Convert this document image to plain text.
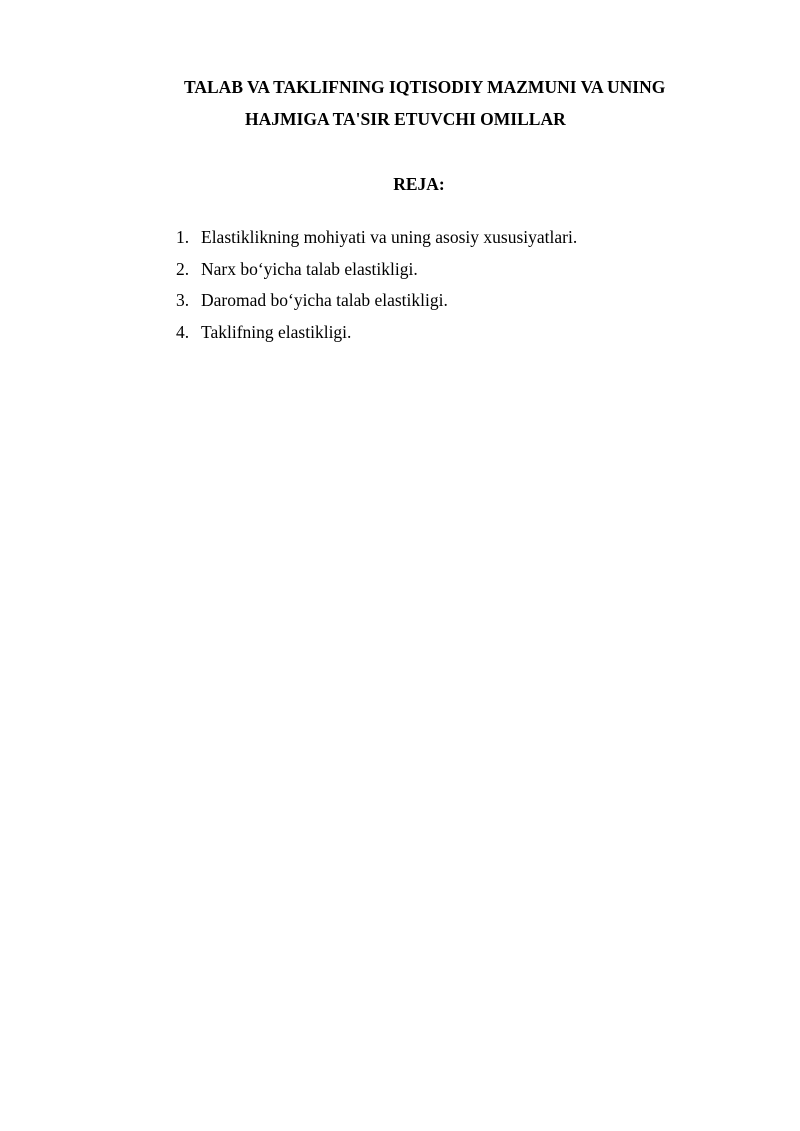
TALAB VA TAKLIFNING IQTISODIY MAZMUNI VA UNING
HAJMIGA TA'SIR ETUVCHI OMILLAR
REJA:
1. Elastiklikning mohiyati va uning asosiy xususiyatlari.
2. Narx bo‘yicha talab elastikligi.
3. Daromad bo‘yicha talab elastikligi.
4. Taklifning elastikligi.
